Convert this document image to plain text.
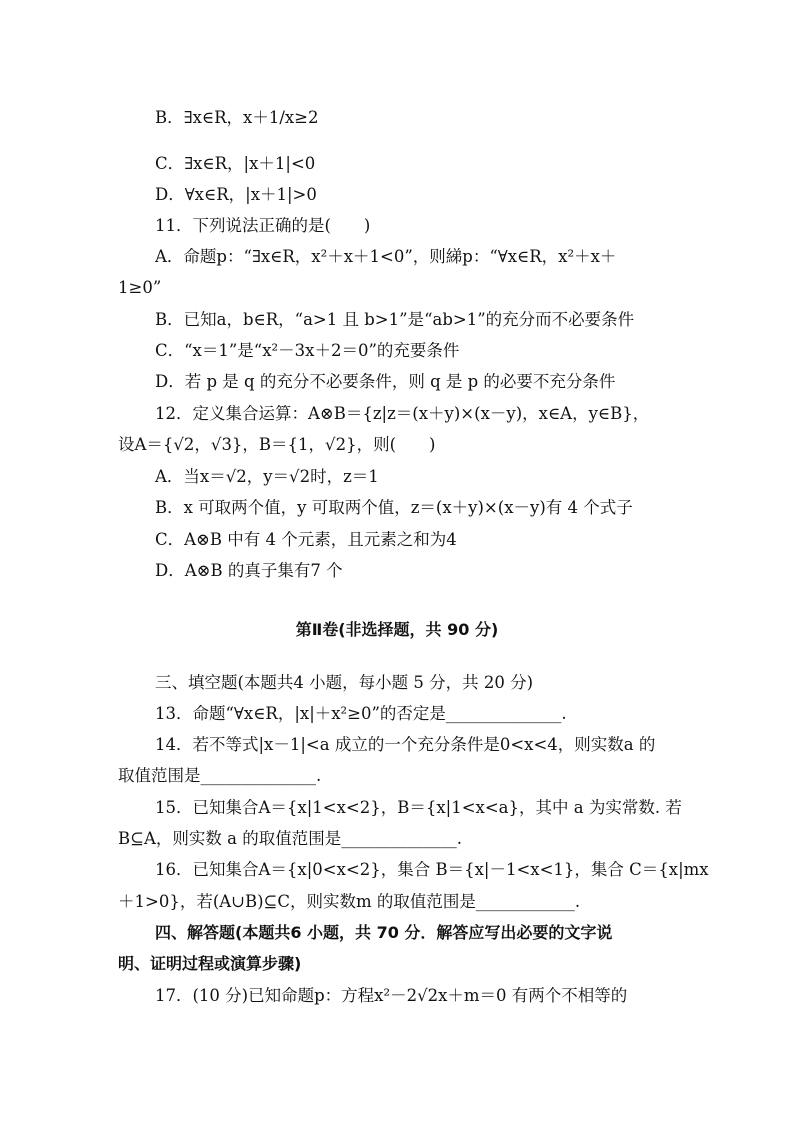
B．∃x∈R，x＋1/x≥2
C．∃x∈R，|x＋1|<0
D．∀x∈R，|x＋1|>0
11．下列说法正确的是(　　)
A．命题p：“∃x∈R，x²＋x＋1<0”，则綈p：“∀x∈R，x²＋x＋
1≥0”
B．已知a，b∈R，“a>1 且 b>1”是“ab>1”的充分而不必要条件
C．“x＝1”是“x²－3x＋2＝0”的充要条件
D．若 p 是 q 的充分不必要条件，则 q 是 p 的必要不充分条件
12．定义集合运算：A⊗B＝{z|z＝(x＋y)×(x－y)，x∈A，y∈B}，
设A＝{√2，√3}，B＝{1，√2}，则(　　)
A．当x＝√2，y＝√2时，z＝1
B．x 可取两个值，y 可取两个值，z＝(x＋y)×(x－y)有 4 个式子
C．A⊗B 中有 4 个元素，且元素之和为4
D．A⊗B 的真子集有7 个
第Ⅱ卷(非选择题，共 90 分)
三、填空题(本题共4 小题，每小题 5 分，共 20 分)
13．命题“∀x∈R，|x|＋x²≥0”的否定是______________.
14．若不等式|x－1|<a 成立的一个充分条件是0<x<4，则实数a 的
取值范围是______________.
15．已知集合A＝{x|1<x<2}，B＝{x|1<x<a}，其中 a 为实常数. 若
B⊆A，则实数 a 的取值范围是______________.
16．已知集合A＝{x|0<x<2}，集合 B＝{x|－1<x<1}，集合 C＝{x|mx
＋1>0}，若(A∪B)⊆C，则实数m 的取值范围是____________.
四、解答题(本题共6 小题，共 70 分．解答应写出必要的文字说
明、证明过程或演算步骤)
17．(10 分)已知命题p：方程x²－2√2x＋m＝0 有两个不相等的
